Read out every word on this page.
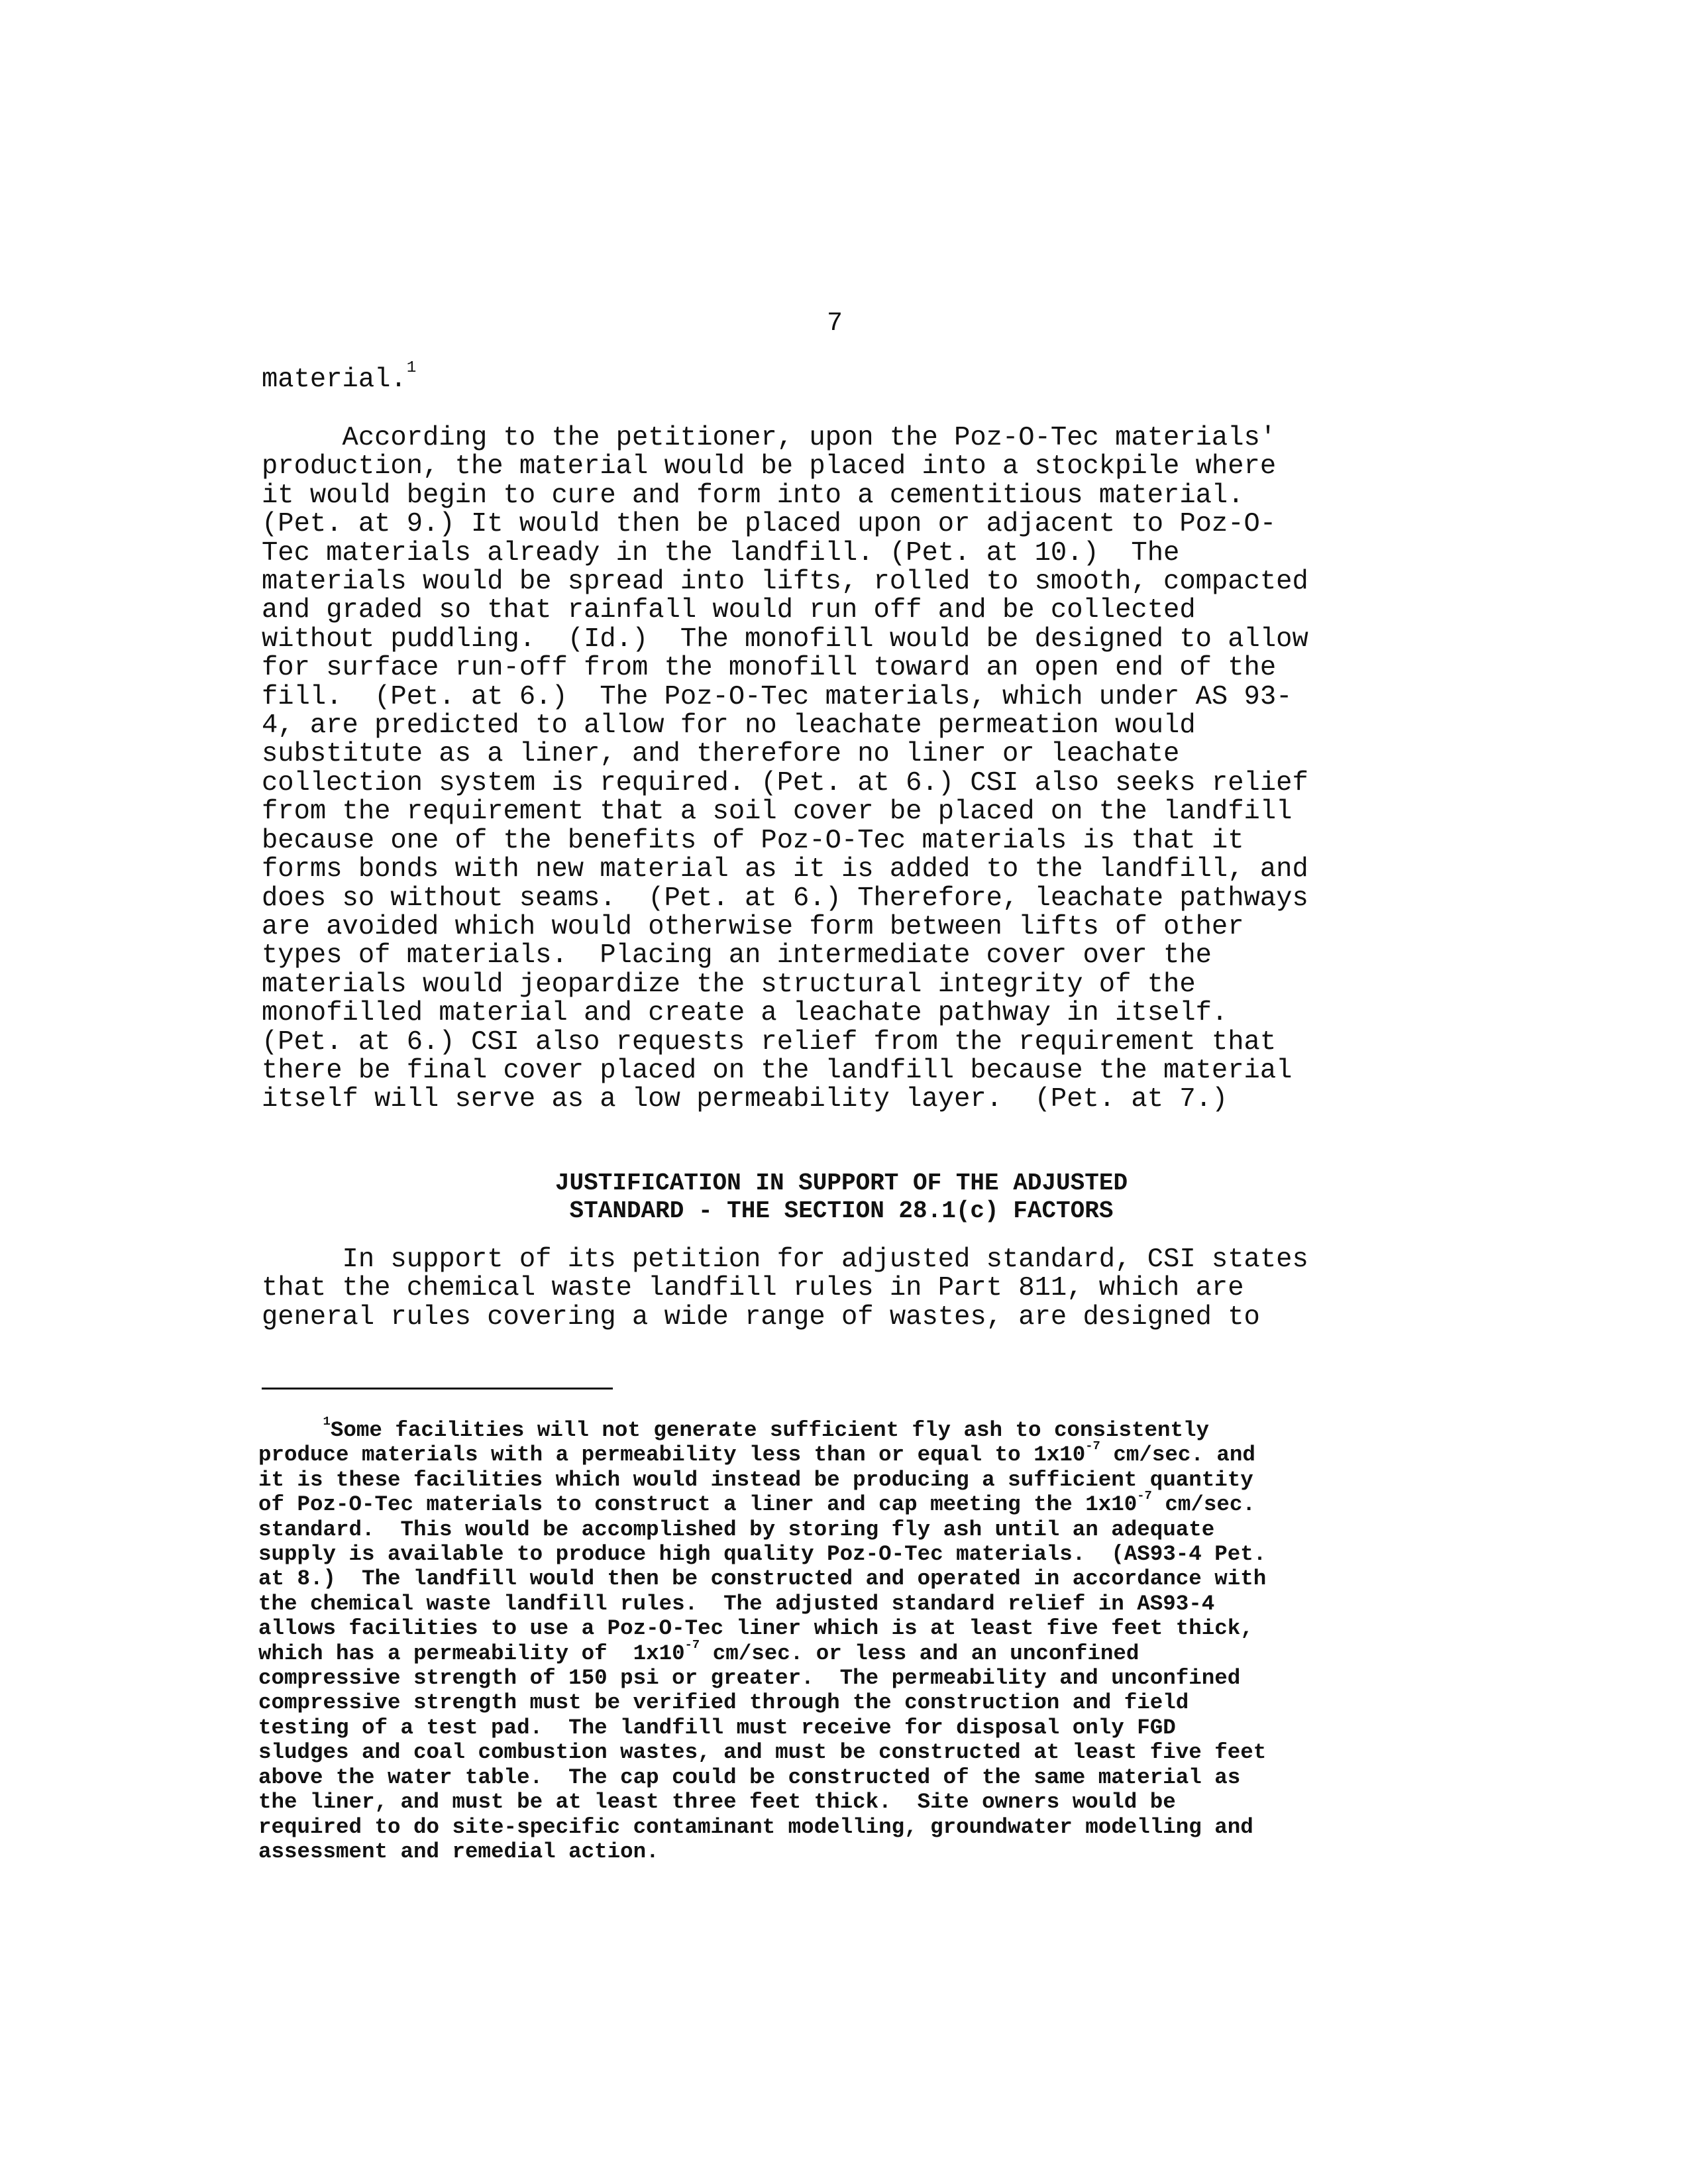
7

material.$^1$

According to the petitioner, upon the Poz-O-Tec materials'
production, the material would be placed into a stockpile where
it would begin to cure and form into a cementitious material.
(Pet. at 9.) It would then be placed upon or adjacent to Poz-O-
Tec materials already in the landfill. (Pet. at 10.)  The
materials would be spread into lifts, rolled to smooth, compacted
and graded so that rainfall would run off and be collected
without puddling.  (Id.)  The monofill would be designed to allow
for surface run-off from the monofill toward an open end of the
fill.  (Pet. at 6.)  The Poz-O-Tec materials, which under AS 93-
4, are predicted to allow for no leachate permeation would
substitute as a liner, and therefore no liner or leachate
collection system is required. (Pet. at 6.) CSI also seeks relief
from the requirement that a soil cover be placed on the landfill
because one of the benefits of Poz-O-Tec materials is that it
forms bonds with new material as it is added to the landfill, and
does so without seams.  (Pet. at 6.) Therefore, leachate pathways
are avoided which would otherwise form between lifts of other
types of materials.  Placing an intermediate cover over the
materials would jeopardize the structural integrity of the
monofilled material and create a leachate pathway in itself.
(Pet. at 6.) CSI also requests relief from the requirement that
there be final cover placed on the landfill because the material
itself will serve as a low permeability layer.  (Pet. at 7.)

JUSTIFICATION IN SUPPORT OF THE ADJUSTED
STANDARD - THE SECTION 28.1(c) FACTORS

In support of its petition for adjusted standard, CSI states
that the chemical waste landfill rules in Part 811, which are
general rules covering a wide range of wastes, are designed to

$^1$Some facilities will not generate sufficient fly ash to consistently
produce materials with a permeability less than or equal to 1x10$^{-7}$ cm/sec. and
it is these facilities which would instead be producing a sufficient quantity
of Poz-O-Tec materials to construct a liner and cap meeting the 1x10$^{-7}$ cm/sec.
standard.  This would be accomplished by storing fly ash until an adequate
supply is available to produce high quality Poz-O-Tec materials.  (AS93-4 Pet.
at 8.)  The landfill would then be constructed and operated in accordance with
the chemical waste landfill rules.  The adjusted standard relief in AS93-4
allows facilities to use a Poz-O-Tec liner which is at least five feet thick,
which has a permeability of  1x10$^{-7}$ cm/sec. or less and an unconfined
compressive strength of 150 psi or greater.  The permeability and unconfined
compressive strength must be verified through the construction and field
testing of a test pad.  The landfill must receive for disposal only FGD
sludges and coal combustion wastes, and must be constructed at least five feet
above the water table.  The cap could be constructed of the same material as
the liner, and must be at least three feet thick.  Site owners would be
required to do site-specific contaminant modelling, groundwater modelling and
assessment and remedial action.
